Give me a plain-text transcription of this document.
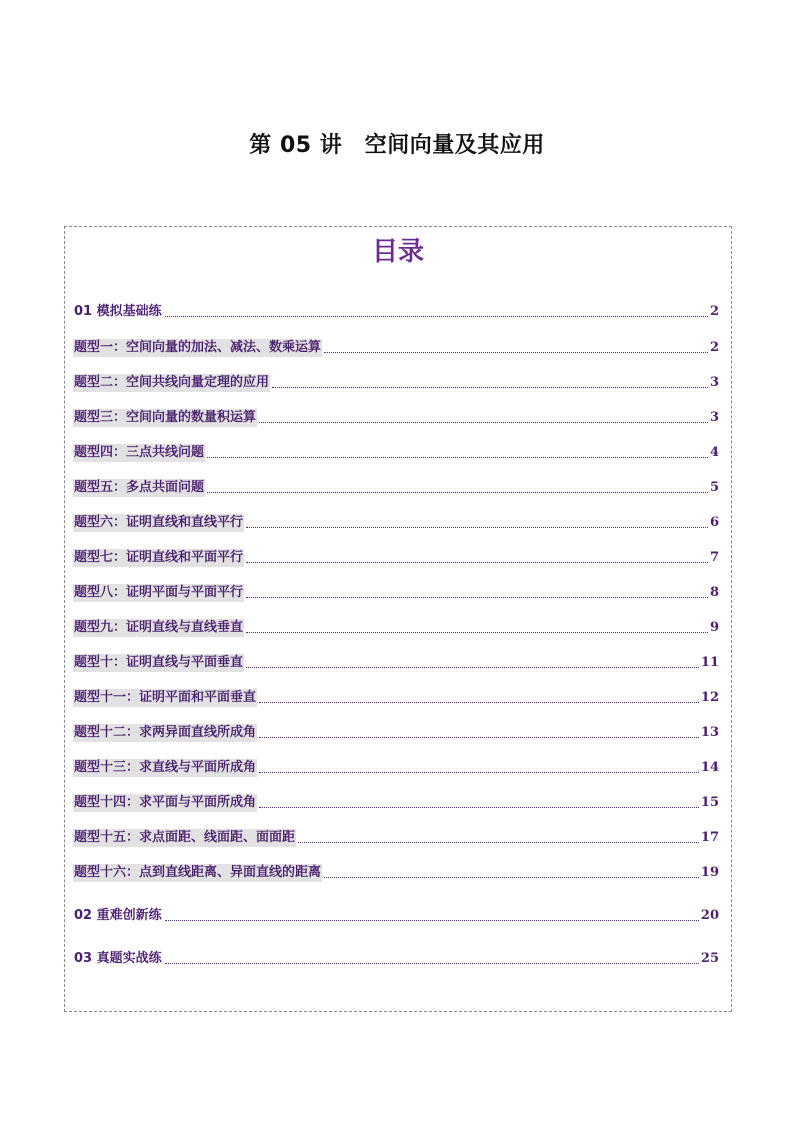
第 05 讲　空间向量及其应用
目录
01 模拟基础练	2
题型一：空间向量的加法、减法、数乘运算	2
题型二：空间共线向量定理的应用	3
题型三：空间向量的数量积运算	3
题型四：三点共线问题	4
题型五：多点共面问题	5
题型六：证明直线和直线平行	6
题型七：证明直线和平面平行	7
题型八：证明平面与平面平行	8
题型九：证明直线与直线垂直	9
题型十：证明直线与平面垂直	11
题型十一：证明平面和平面垂直	12
题型十二：求两异面直线所成角	13
题型十三：求直线与平面所成角	14
题型十四：求平面与平面所成角	15
题型十五：求点面距、线面距、面面距	17
题型十六：点到直线距离、异面直线的距离	19
02 重难创新练	20
03 真题实战练	25
